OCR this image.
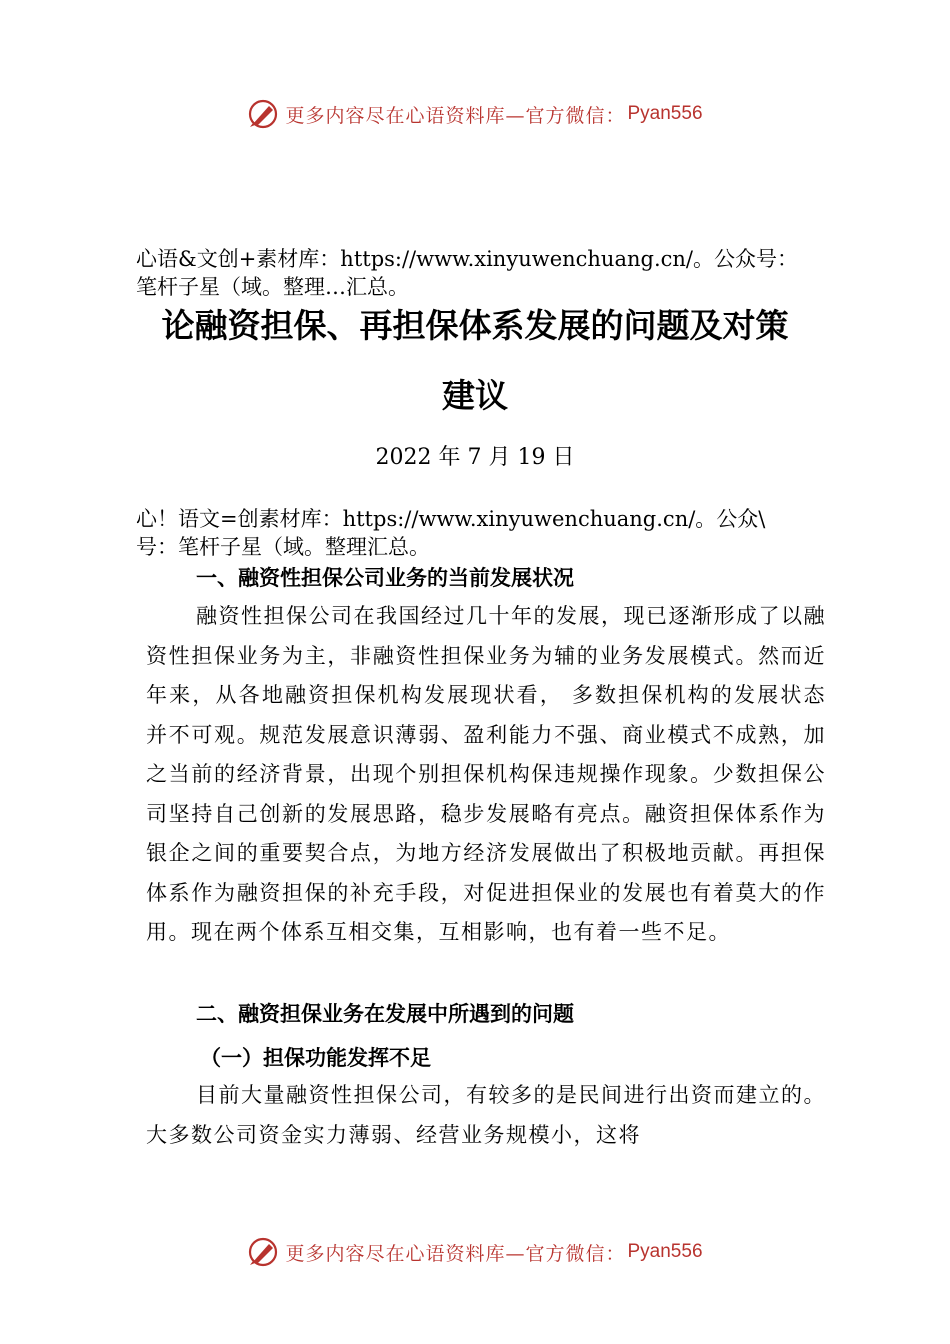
更多内容尽在心语资料库—官方微信： Pyan556
心语&文创+素材库：https://www.xinyuwenchuang.cn/。公众号：
笔杆子星（域。整理…汇总。
论融资担保、再担保体系发展的问题及对策
建议
2022 年 7 月 19 日
心！语文=创素材库：https://www.xinyuwenchuang.cn/。公众\
号：笔杆子星（域。整理汇总。
一、融资性担保公司业务的当前发展状况
融资性担保公司在我国经过几十年的发展，现已逐渐形成了以融资性担保业务为主，非融资性担保业务为辅的业务发展模式。然而近年来，从各地融资担保机构发展现状看， 多数担保机构的发展状态并不可观。规范发展意识薄弱、盈利能力不强、商业模式不成熟，加之当前的经济背景，出现个别担保机构保违规操作现象。少数担保公司坚持自己创新的发展思路，稳步发展略有亮点。融资担保体系作为银企之间的重要契合点，为地方经济发展做出了积极地贡献。再担保体系作为融资担保的补充手段，对促进担保业的发展也有着莫大的作用。现在两个体系互相交集，互相影响，也有着一些不足。
二、融资担保业务在发展中所遇到的问题
（一）担保功能发挥不足
目前大量融资性担保公司，有较多的是民间进行出资而建立的。大多数公司资金实力薄弱、经营业务规模小，这将
更多内容尽在心语资料库—官方微信： Pyan556
